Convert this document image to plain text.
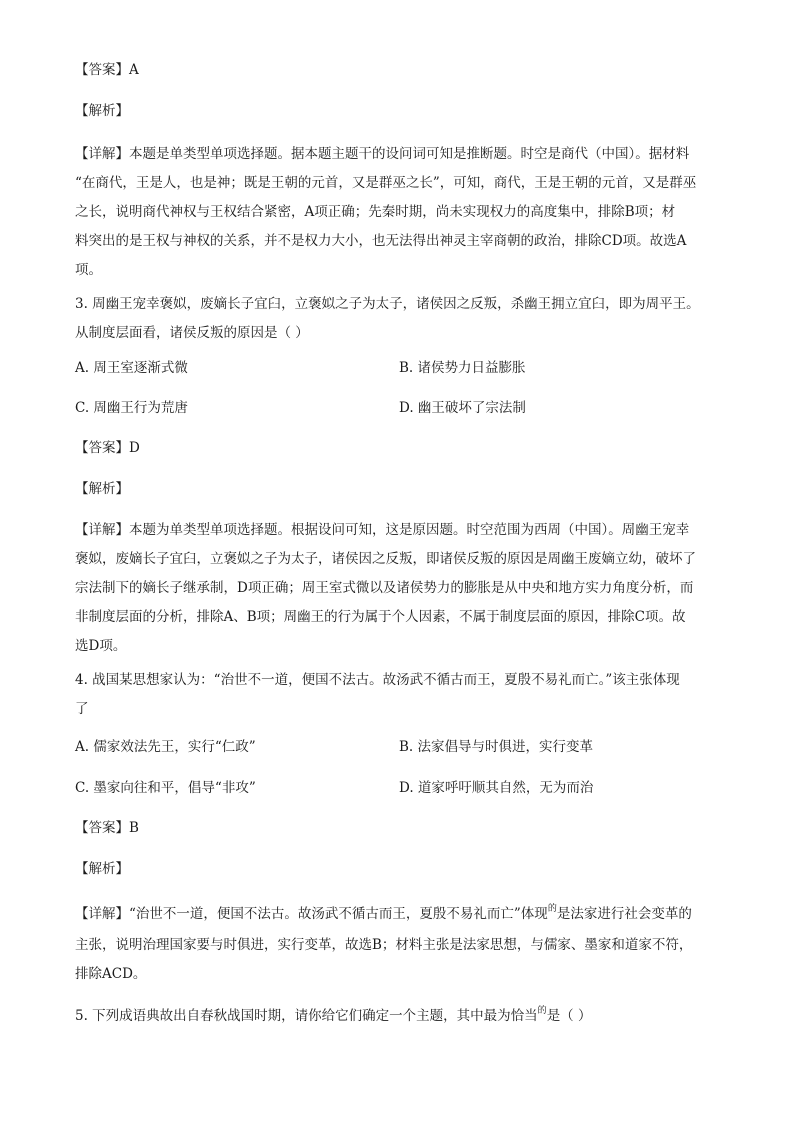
【答案】A
【解析】
【详解】本题是单类型单项选择题。据本题主题干的设问词可知是推断题。时空是商代（中国）。据材料
“在商代，王是人，也是神；既是王朝的元首，又是群巫之长”，可知，商代，王是王朝的元首，又是群巫
之长，说明商代神权与王权结合紧密，A项正确；先秦时期，尚未实现权力的高度集中，排除B项；材
料突出的是王权与神权的关系，并不是权力大小，也无法得出神灵主宰商朝的政治，排除CD项。故选A
项。
3. 周幽王宠幸褒姒，废嫡长子宜臼，立褒姒之子为太子，诸侯因之反叛，杀幽王拥立宜臼，即为周平王。
从制度层面看，诸侯反叛的原因是（ ）
A. 周王室逐渐式微	B. 诸侯势力日益膨胀
C. 周幽王行为荒唐	D. 幽王破坏了宗法制
【答案】D
【解析】
【详解】本题为单类型单项选择题。根据设问可知，这是原因题。时空范围为西周（中国）。周幽王宠幸
褒姒，废嫡长子宜臼，立褒姒之子为太子，诸侯因之反叛，即诸侯反叛的原因是周幽王废嫡立幼，破坏了
宗法制下的嫡长子继承制，D项正确；周王室式微以及诸侯势力的膨胀是从中央和地方实力角度分析，而
非制度层面的分析，排除A、B项；周幽王的行为属于个人因素，不属于制度层面的原因，排除C项。故
选D项。
4. 战国某思想家认为：“治世不一道，便国不法古。故汤武不循古而王，夏殷不易礼而亡。”该主张体现
了
A. 儒家效法先王，实行“仁政”	B. 法家倡导与时俱进，实行变革
C. 墨家向往和平，倡导“非攻”	D. 道家呼吁顺其自然，无为而治
【答案】B
【解析】
【详解】“治世不一道，便国不法古。故汤武不循古而王，夏殷不易礼而亡”体现$^的$是法家进行社会变革的
主张，说明治理国家要与时俱进，实行变革，故选B；材料主张是法家思想，与儒家、墨家和道家不符，
排除ACD。
5. 下列成语典故出自春秋战国时期，请你给它们确定一个主题，其中最为恰当$^的$是（ ）
